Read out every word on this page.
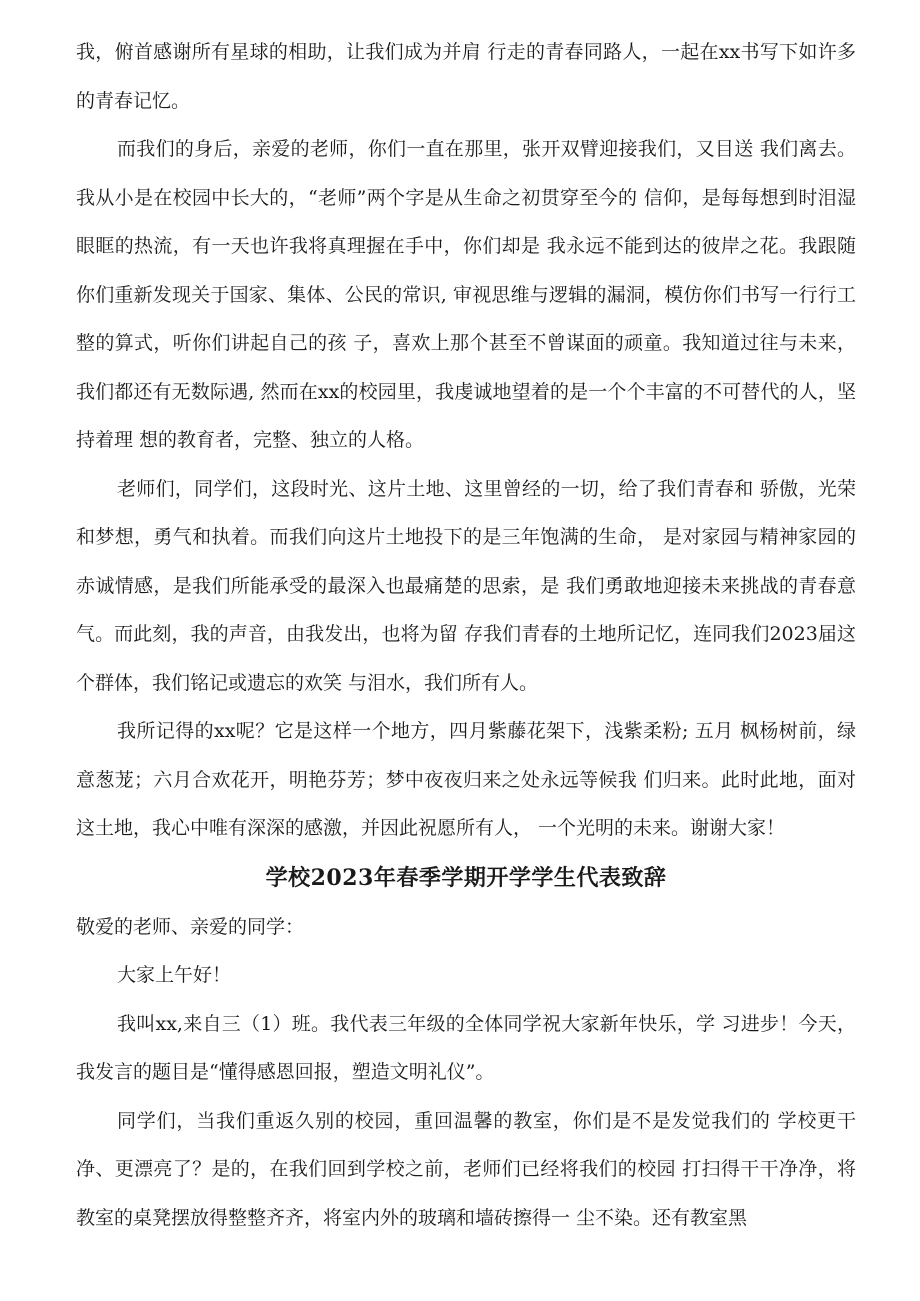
我，俯首感谢所有星球的相助，让我们成为并肩 行走的青春同路人，一起在xx书写下如许多的青春记忆。

而我们的身后，亲爱的老师，你们一直在那里，张开双臂迎接我们，又目送 我们离去。我从小是在校园中长大的，“老师”两个字是从生命之初贯穿至今的 信仰，是每每想到时泪湿眼眶的热流，有一天也许我将真理握在手中，你们却是 我永远不能到达的彼岸之花。我跟随你们重新发现关于国家、集体、公民的常识, 审视思维与逻辑的漏洞，模仿你们书写一行行工整的算式，听你们讲起自己的孩 子，喜欢上那个甚至不曾谋面的顽童。我知道过往与未来，我们都还有无数际遇, 然而在xx的校园里，我虔诚地望着的是一个个丰富的不可替代的人，坚持着理 想的教育者，完整、独立的人格。

老师们，同学们，这段时光、这片土地、这里曾经的一切，给了我们青春和 骄傲，光荣和梦想，勇气和执着。而我们向这片土地投下的是三年饱满的生命， 是对家园与精神家园的赤诚情感，是我们所能承受的最深入也最痛楚的思索，是 我们勇敢地迎接未来挑战的青春意气。而此刻，我的声音，由我发出，也将为留 存我们青春的土地所记忆，连同我们2023届这个群体，我们铭记或遗忘的欢笑 与泪水，我们所有人。

我所记得的xx呢？它是这样一个地方，四月紫藤花架下，浅紫柔粉; 五月 枫杨树前，绿意葱茏；六月合欢花开，明艳芬芳；梦中夜夜归来之处永远等候我 们归来。此时此地，面对这土地，我心中唯有深深的感激，并因此祝愿所有人， 一个光明的未来。谢谢大家！

学校2023年春季学期开学学生代表致辞

敬爱的老师、亲爱的同学：

大家上午好！

我叫xx,来自三（1）班。我代表三年级的全体同学祝大家新年快乐，学 习进步！今天，我发言的题目是“懂得感恩回报，塑造文明礼仪”。

同学们，当我们重返久别的校园，重回温馨的教室，你们是不是发觉我们的 学校更干净、更漂亮了？是的，在我们回到学校之前，老师们已经将我们的校园 打扫得干干净净，将教室的桌凳摆放得整整齐齐，将室内外的玻璃和墙砖擦得一 尘不染。还有教室黑
